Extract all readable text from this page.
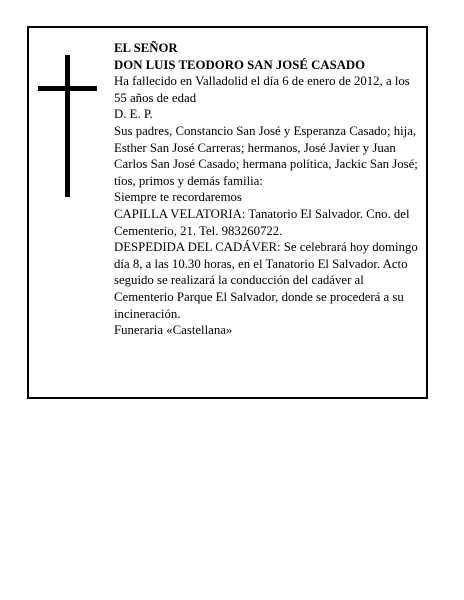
EL SEÑOR

DON LUIS TEODORO SAN JOSÉ CASADO

Ha fallecido en Valladolid el día 6 de enero de 2012, a los 55 años de edad

D. E. P.

Sus padres, Constancio San José y Esperanza Casado; hija, Esther San José Carreras; hermanos, José Javier y Juan Carlos San José Casado; hermana política, Jackic San José; tíos, primos y demás familia:

Siempre te recordaremos

CAPILLA VELATORIA: Tanatorio El Salvador. Cno. del Cementerio, 21. Tel. 983260722.

DESPEDIDA DEL CADÁVER: Se celebrará hoy domingo día 8, a las 10.30 horas, en el Tanatorio El Salvador. Acto seguido se realizará la conducción del cadáver al Cementerio Parque El Salvador, donde se procederá a su incineración.

Funeraria «Castellana»
